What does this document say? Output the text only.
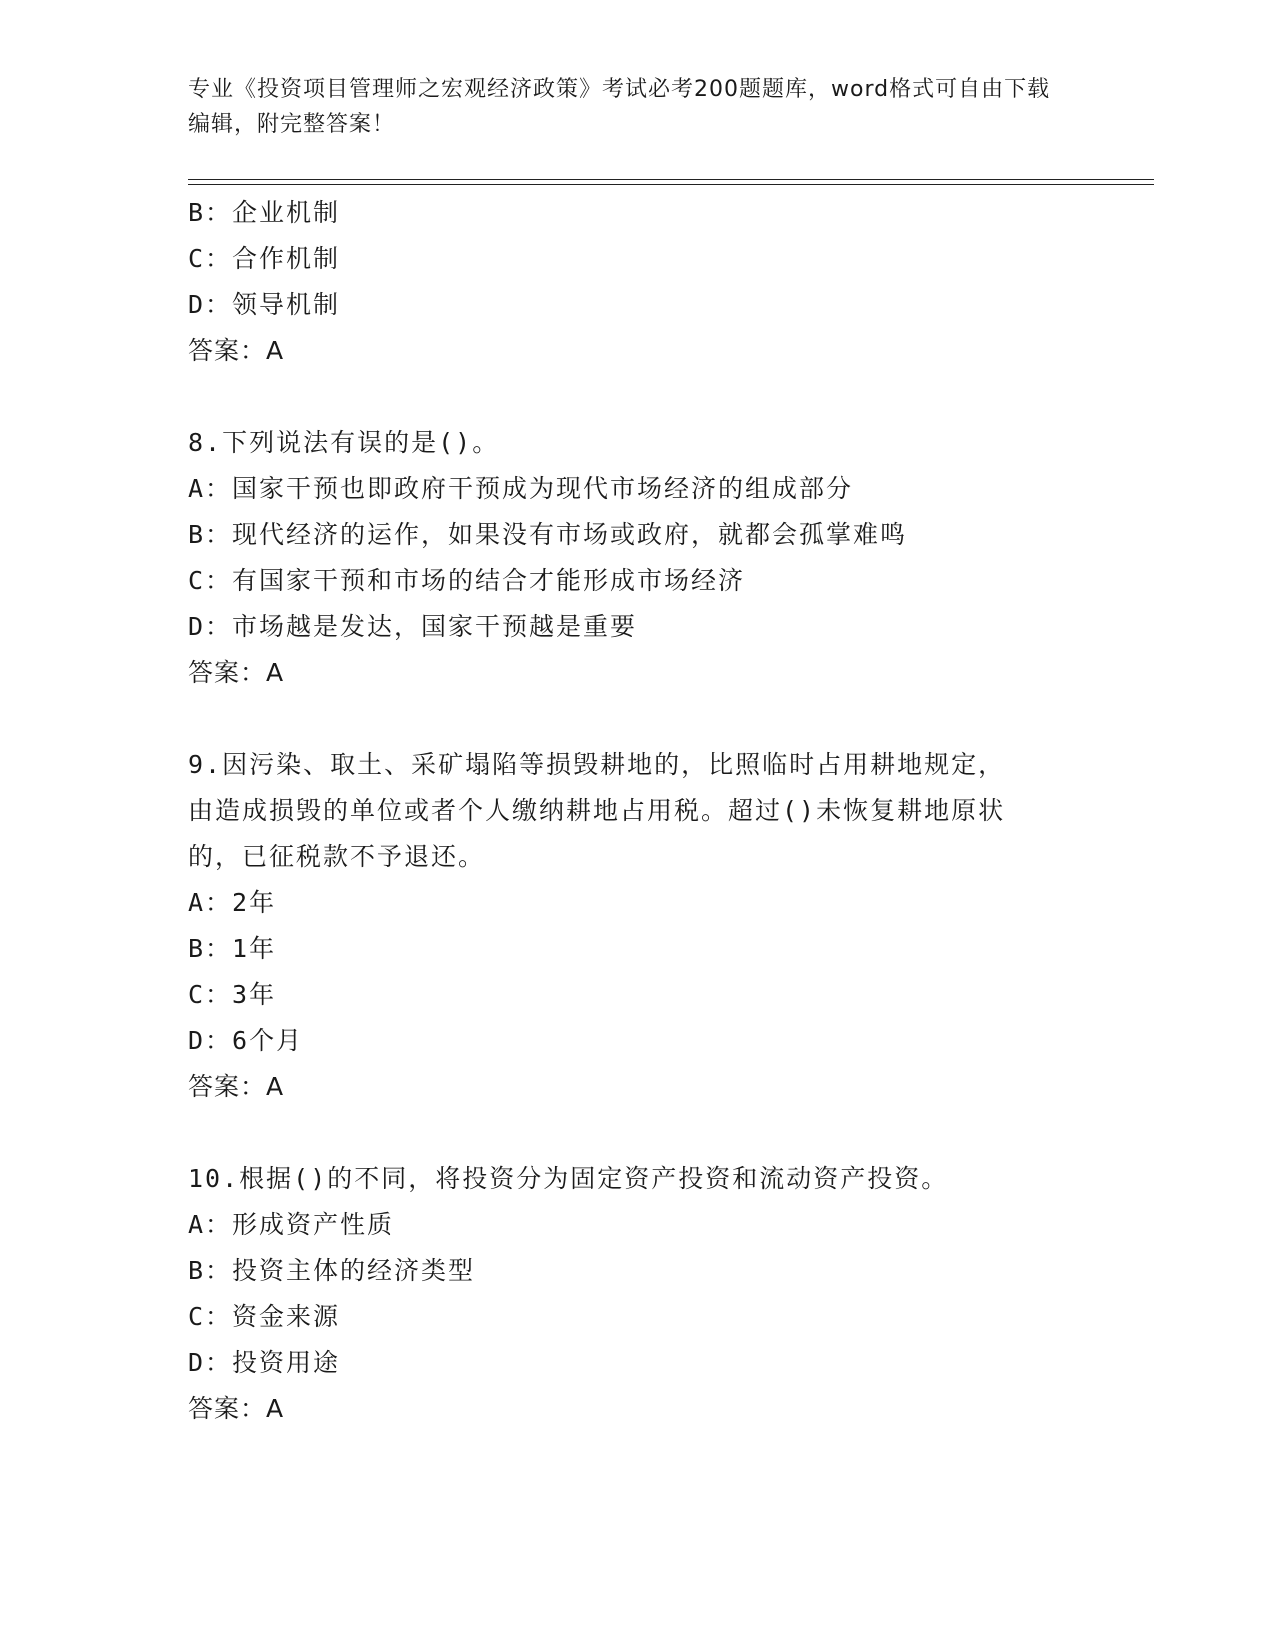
专业《投资项目管理师之宏观经济政策》考试必考200题题库，word格式可自由下载编辑，附完整答案！
B：企业机制
C：合作机制
D：领导机制
答案：A
8.下列说法有误的是()。
A：国家干预也即政府干预成为现代市场经济的组成部分
B：现代经济的运作，如果没有市场或政府，就都会孤掌难鸣
C：有国家干预和市场的结合才能形成市场经济
D：市场越是发达，国家干预越是重要
答案：A
9.因污染、取土、采矿塌陷等损毁耕地的，比照临时占用耕地规定，
由造成损毁的单位或者个人缴纳耕地占用税。超过()未恢复耕地原状
的，已征税款不予退还。
A：2年
B：1年
C：3年
D：6个月
答案：A
10.根据()的不同，将投资分为固定资产投资和流动资产投资。
A：形成资产性质
B：投资主体的经济类型
C：资金来源
D：投资用途
答案：A
